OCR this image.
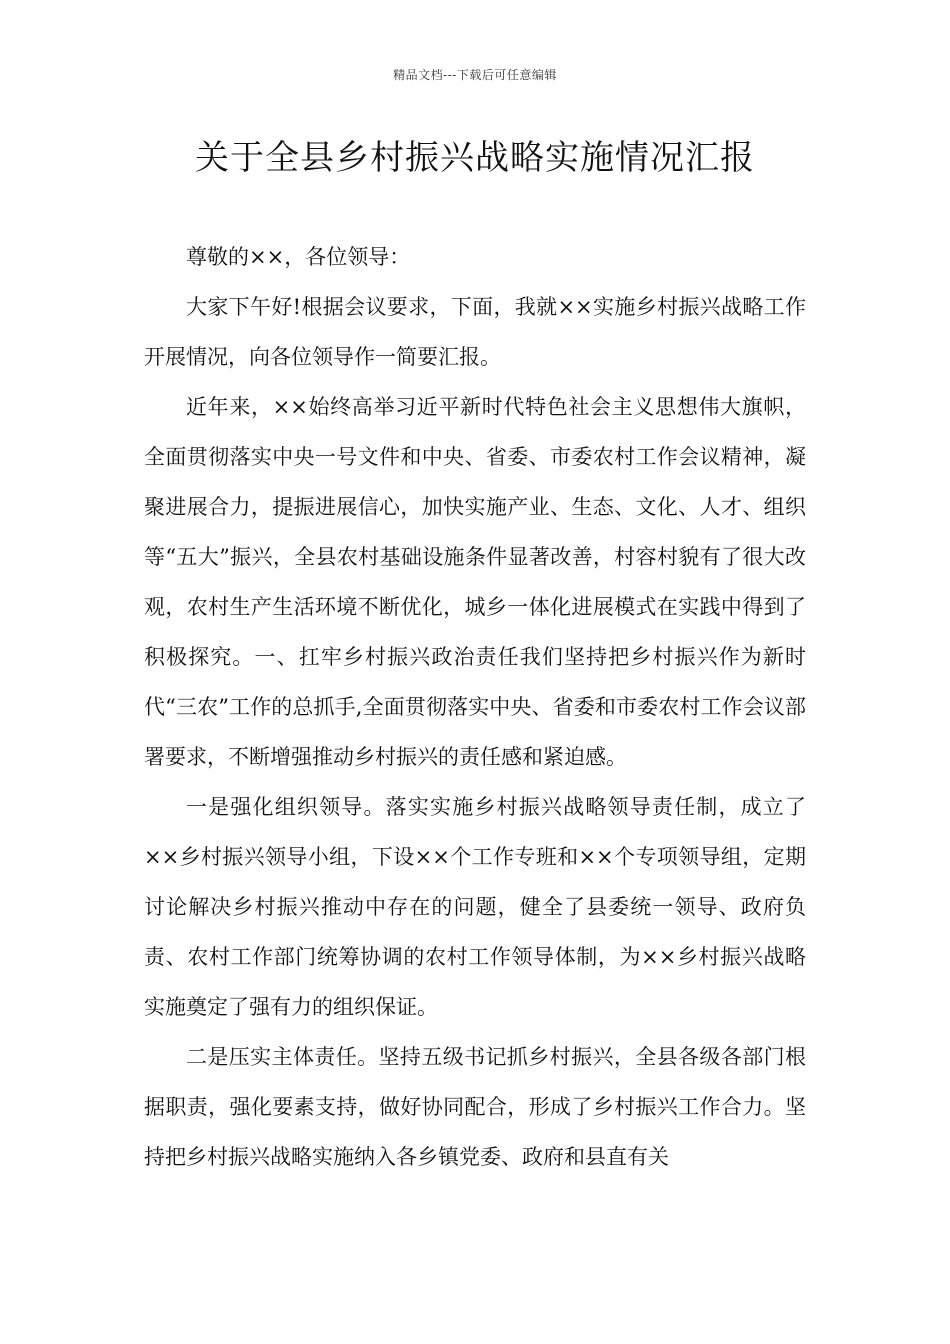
精品文档---下载后可任意编辑
关于全县乡村振兴战略实施情况汇报

尊敬的××，各位领导：

大家下午好!根据会议要求，下面，我就××实施乡村振兴战略工作开展情况，向各位领导作一简要汇报。

近年来，××始终高举习近平新时代特色社会主义思想伟大旗帜，全面贯彻落实中央一号文件和中央、省委、市委农村工作会议精神，凝聚进展合力，提振进展信心，加快实施产业、生态、文化、人才、组织等“五大”振兴，全县农村基础设施条件显著改善，村容村貌有了很大改观，农村生产生活环境不断优化，城乡一体化进展模式在实践中得到了积极探究。一、扛牢乡村振兴政治责任我们坚持把乡村振兴作为新时代“三农”工作的总抓手,全面贯彻落实中央、省委和市委农村工作会议部署要求，不断增强推动乡村振兴的责任感和紧迫感。

一是强化组织领导。落实实施乡村振兴战略领导责任制，成立了××乡村振兴领导小组，下设××个工作专班和××个专项领导组，定期讨论解决乡村振兴推动中存在的问题，健全了县委统一领导、政府负责、农村工作部门统筹协调的农村工作领导体制，为××乡村振兴战略实施奠定了强有力的组织保证。

二是压实主体责任。坚持五级书记抓乡村振兴，全县各级各部门根据职责，强化要素支持，做好协同配合，形成了乡村振兴工作合力。坚持把乡村振兴战略实施纳入各乡镇党委、政府和县直有关
